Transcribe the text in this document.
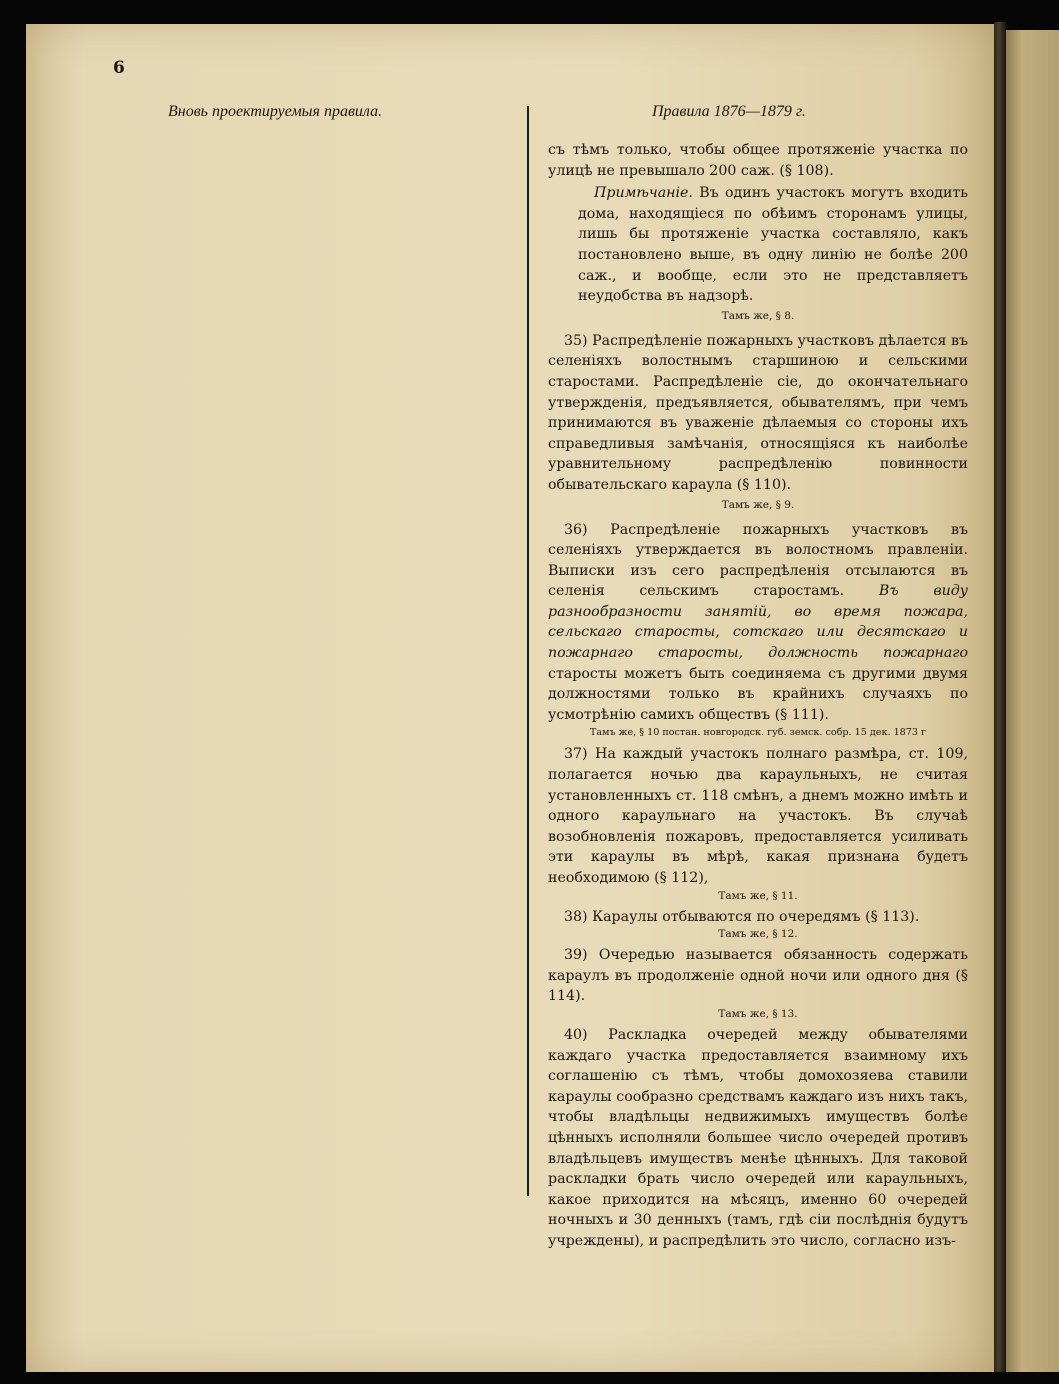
6
Вновь проектируемыя правила.	Правила 1876—1879 г.

съ тѣмъ только, чтобы общее протяженіе участка по улицѣ не превышало 200 саж. (§ 108).

Примѣчаніе. Въ одинъ участокъ могутъ входить дома, находящіеся по обѣимъ сторонамъ улицы, лишь бы протяженіе участка составляло, какъ постановлено выше, въ одну линію не болѣе 200 саж., и вообще, если это не представляетъ неудобства въ надзорѣ.
Тамъ же, § 8.

35) Распредѣленіе пожарныхъ участковъ дѣлается въ селеніяхъ волостнымъ старшиною и сельскими старостами. Распредѣленіе сіе, до окончательнаго утвержденія, предъявляется, обывателямъ, при чемъ принимаются въ уваженіе дѣлаемыя со стороны ихъ справедливыя замѣчанія, относящіяся къ наиболѣе уравнительному распредѣленію повинности обывательскаго караула (§ 110).

Тамъ же, § 9.

36) Распредѣленіе пожарныхъ участковъ въ селеніяхъ утверждается въ волостномъ правленіи. Выписки изъ сего распредѣленія отсылаются въ селенія сельскимъ старостамъ. Въ виду разнообразности занятій, во время пожара, сельскаго старосты, сотскаго или десятскаго и пожарнаго старосты, должность пожарнаго старосты можетъ быть соединяема съ другими двумя должностями только въ крайнихъ случаяхъ по усмотрѣнію самихъ обществъ (§ 111).

Тамъ же, § 10 постан. новгородск. губ. земск. собр. 15 дек. 1873 г

37) На каждый участокъ полнаго размѣра, ст. 109, полагается ночью два караульныхъ, не считая установленныхъ ст. 118 смѣнъ, а днемъ можно имѣть и одного караульнаго на участокъ. Въ случаѣ возобновленія пожаровъ, предоставляется усиливать эти караулы въ мѣрѣ, какая признана будетъ необходимою (§ 112),

Тамъ же, § 11.

38) Караулы отбываются по очередямъ (§ 113).

Тамъ же, § 12.

39) Очередью называется обязанность содержать караулъ въ продолженіе одной ночи или одного дня (§ 114).

Тамъ же, § 13.

40) Раскладка очередей между обывателями каждаго участка предоставляется взаимному ихъ соглашенію съ тѣмъ, чтобы домохозяева ставили караулы сообразно средствамъ каждаго изъ нихъ такъ, чтобы владѣльцы недвижимыхъ имуществъ болѣе цѣнныхъ исполняли большее число очередей противъ владѣльцевъ имуществъ менѣе цѣнныхъ. Для таковой раскладки брать число очередей или караульныхъ, какое приходится на мѣсяцъ, именно 60 очередей ночныхъ и 30 денныхъ (тамъ, гдѣ сіи послѣднія будутъ учреждены), и распредѣлить это число, согласно изъ-
